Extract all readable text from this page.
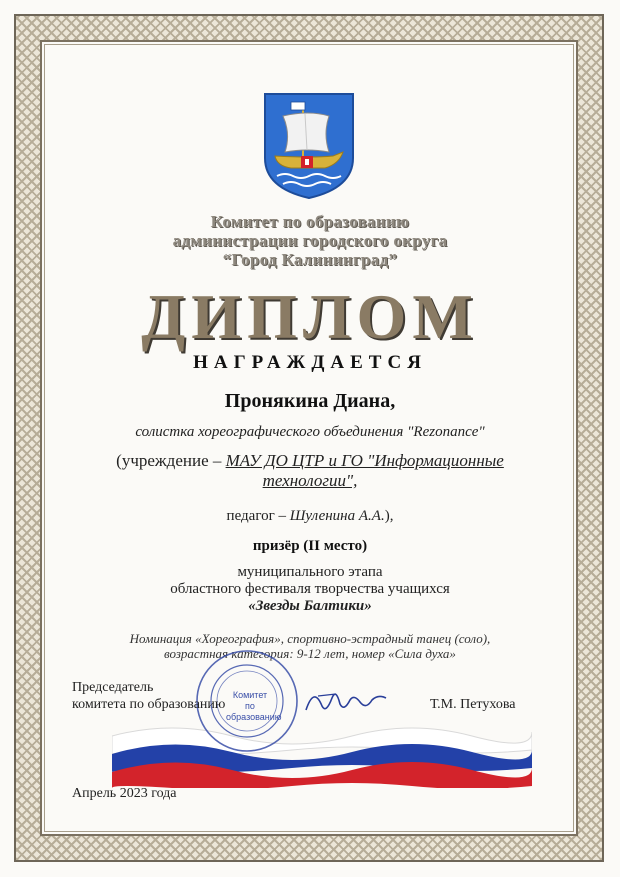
Комитет по образованию
администрации городского округа
“Город Калининград”
ДИПЛОМ
НАГРАЖДАЕТСЯ
Пронякина Диана,
солистка хореографического объединения "Rezonance"
(учреждение – МАУ ДО ЦТР и ГО "Информационные
технологии",
педагог – Шуленина А.А.),
призёр (II место)
муниципального этапа
областного фестиваля творчества учащихся
«Звезды Балтики»
Номинация «Хореография», спортивно-эстрадный танец (соло),
возрастная категория: 9-12 лет, номер «Сила духа»
Комитет
по
образованию
Председатель
комитета по образованию	Т.М. Петухова
Апрель 2023 года
